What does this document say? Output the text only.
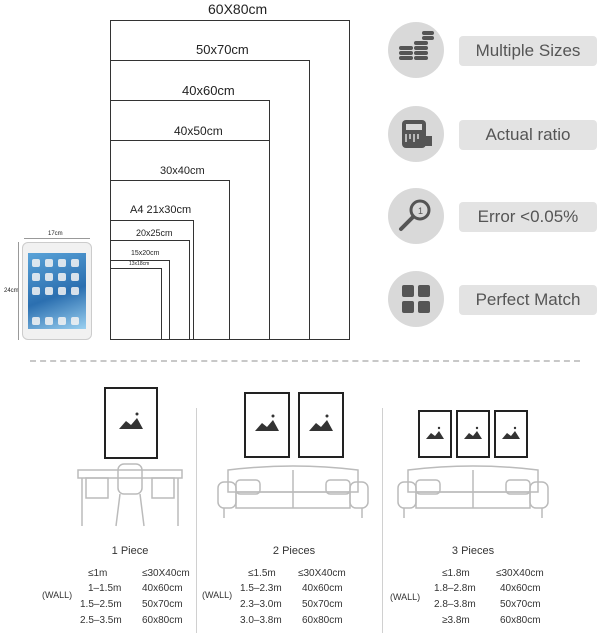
60X80cm
50x70cm
40x60cm
40x50cm
30x40cm
A4 21x30cm
20x25cm
15x20cm
13x18cm
17cm
24cm
Multiple Sizes
Actual ratio
1	Error <0.05%
Perfect Match
1 Piece
(WALL)
≤1m	≤30X40cm
1–1.5m 40x60cm
1.5–2.5m 50x70cm
2.5–3.5m 60x80cm
2 Pieces
(WALL)
≤1.5m ≤30X40cm
1.5–2.3m 40x60cm
2.3–3.0m 50x70cm
3.0–3.8m 60x80cm
3 Pieces
(WALL)
≤1.8m	≤30X40cm
1.8–2.8m 40x60cm
2.8–3.8m 50x70cm
≥3.8m	60x80cm
